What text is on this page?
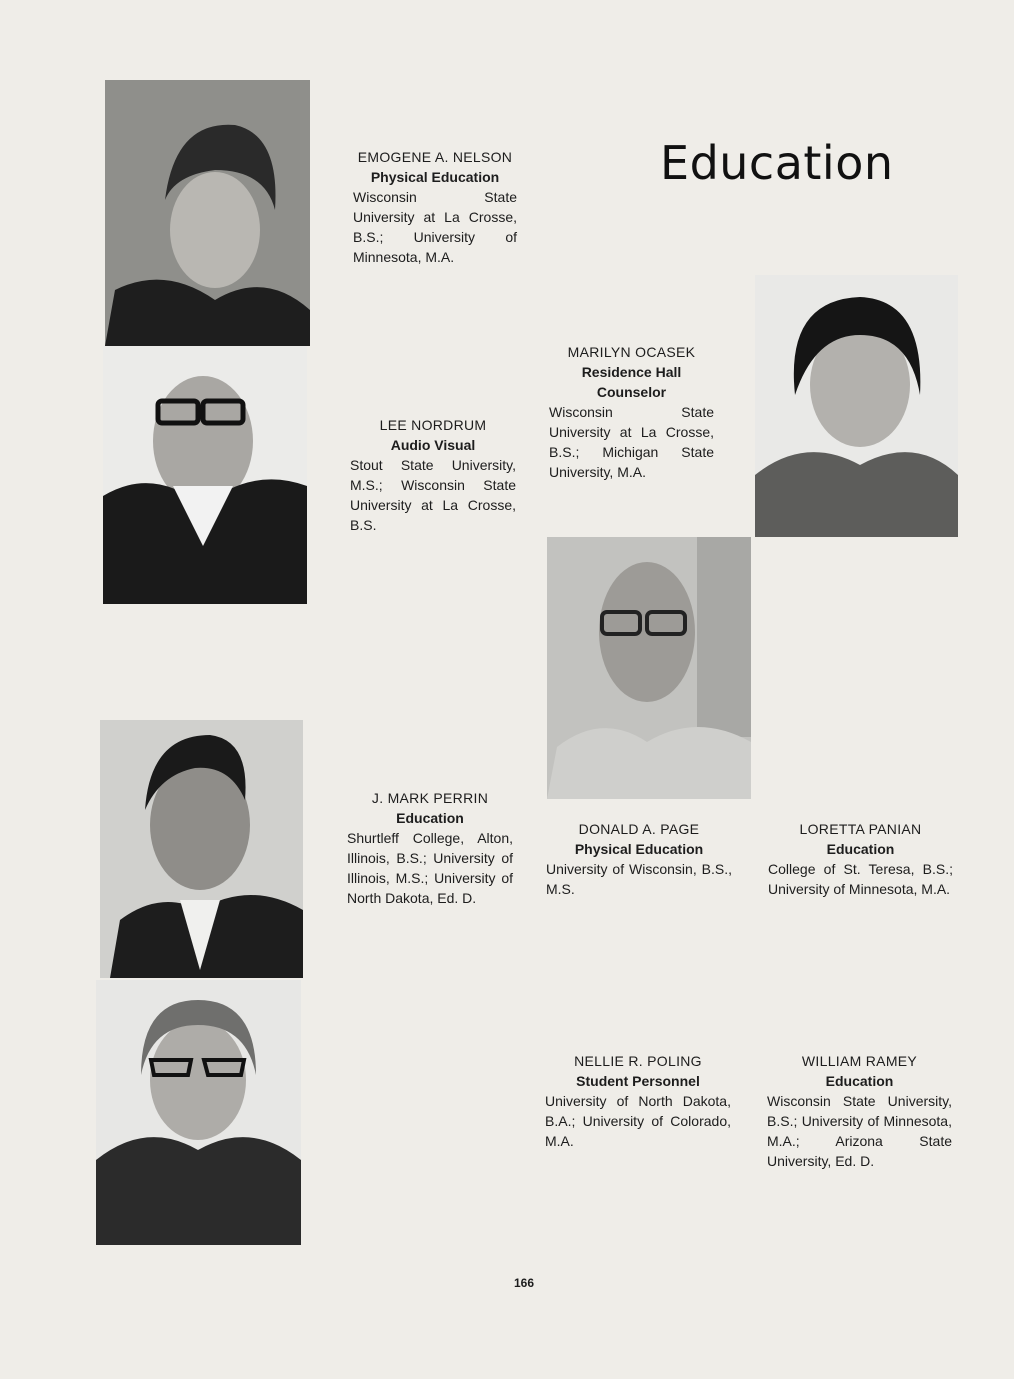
Education
EMOGENE A. NELSON
Physical Education
Wisconsin State University at La Crosse, B.S.; University of Minnesota, M.A.
LEE NORDRUM
Audio Visual
Stout State University, M.S.; Wisconsin State University at La Crosse, B.S.
MARILYN OCASEK
Residence Hall Counselor
Wisconsin State University at La Crosse, B.S.; Michigan State University, M.A.
J. MARK PERRIN
Education
Shurtleff College, Alton, Illinois, B.S.; University of Illinois, M.S.; University of North Dakota, Ed. D.
DONALD A. PAGE
Physical Education
University of Wisconsin, B.S., M.S.
LORETTA PANIAN
Education
College of St. Teresa, B.S.; University of Minnesota, M.A.
NELLIE R. POLING
Student Personnel
University of North Dakota, B.A.; University of Colorado, M.A.
WILLIAM RAMEY
Education
Wisconsin State University, B.S.; University of Minnesota, M.A.; Arizona State University, Ed. D.
166
